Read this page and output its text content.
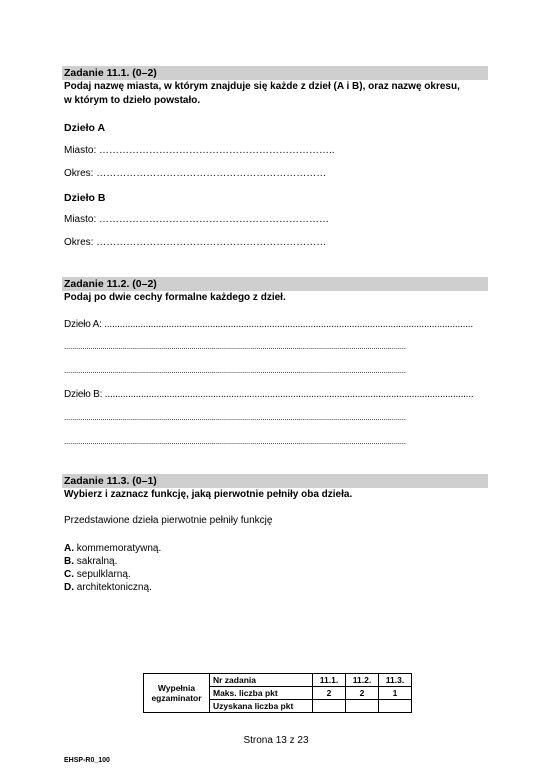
Zadanie 11.1. (0–2)
Podaj nazwę miasta, w którym znajduje się każde z dzieł (A i B), oraz nazwę okresu,
w którym to dzieło powstało.
Dzieło A
Miasto: ……………………………………………………………..
Okres: ……………………………………………………………
Dzieło B
Miasto: ……………………………………………………………
Okres: ……………………………………………………………
Zadanie 11.2. (0–2)
Podaj po dwie cechy formalne każdego z dzieł.
Dzieło A: ...............................................................................................................................................
.........................................................................................................................................................................
.........................................................................................................................................................................
Dzieło B: ...............................................................................................................................................
.........................................................................................................................................................................
.........................................................................................................................................................................
Zadanie 11.3. (0–1)
Wybierz i zaznacz funkcję, jaką pierwotnie pełniły oba dzieła.
Przedstawione dzieła pierwotnie pełniły funkcję
A. kommemoratywną.
B. sakralną.
C. sepulklarną.
D. architektoniczną.
Wypełnia
egzaminator	Nr zadania	11.1.	11.2.	11.3.
	Maks. liczba pkt	2	2	1
	Uzyskana liczba pkt			
Strona 13 z 23
EHSP-R0_100
